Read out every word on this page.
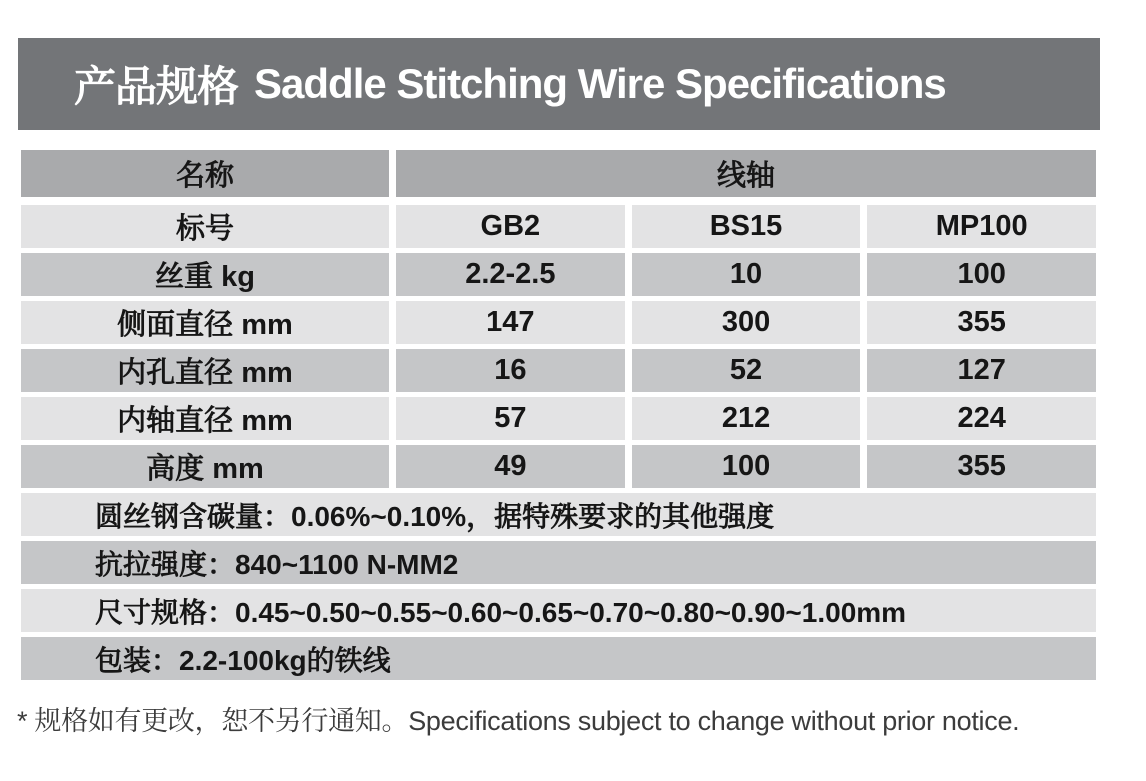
产品规格 Saddle Stitching Wire Specifications
名称	线轴
标号	GB2	BS15	MP100
丝重 kg	2.2-2.5	10	100
侧面直径 mm	147	300	355
内孔直径 mm	16	52	127
内轴直径 mm	57	212	224
高度 mm	49	100	355
圆丝钢含碳量：0.06%~0.10%，据特殊要求的其他强度
抗拉强度：840~1100 N-MM2
尺寸规格：0.45~0.50~0.55~0.60~0.65~0.70~0.80~0.90~1.00mm
包装：2.2-100kg的铁线
* 规格如有更改，恕不另行通知。Specifications subject to change without prior notice.
